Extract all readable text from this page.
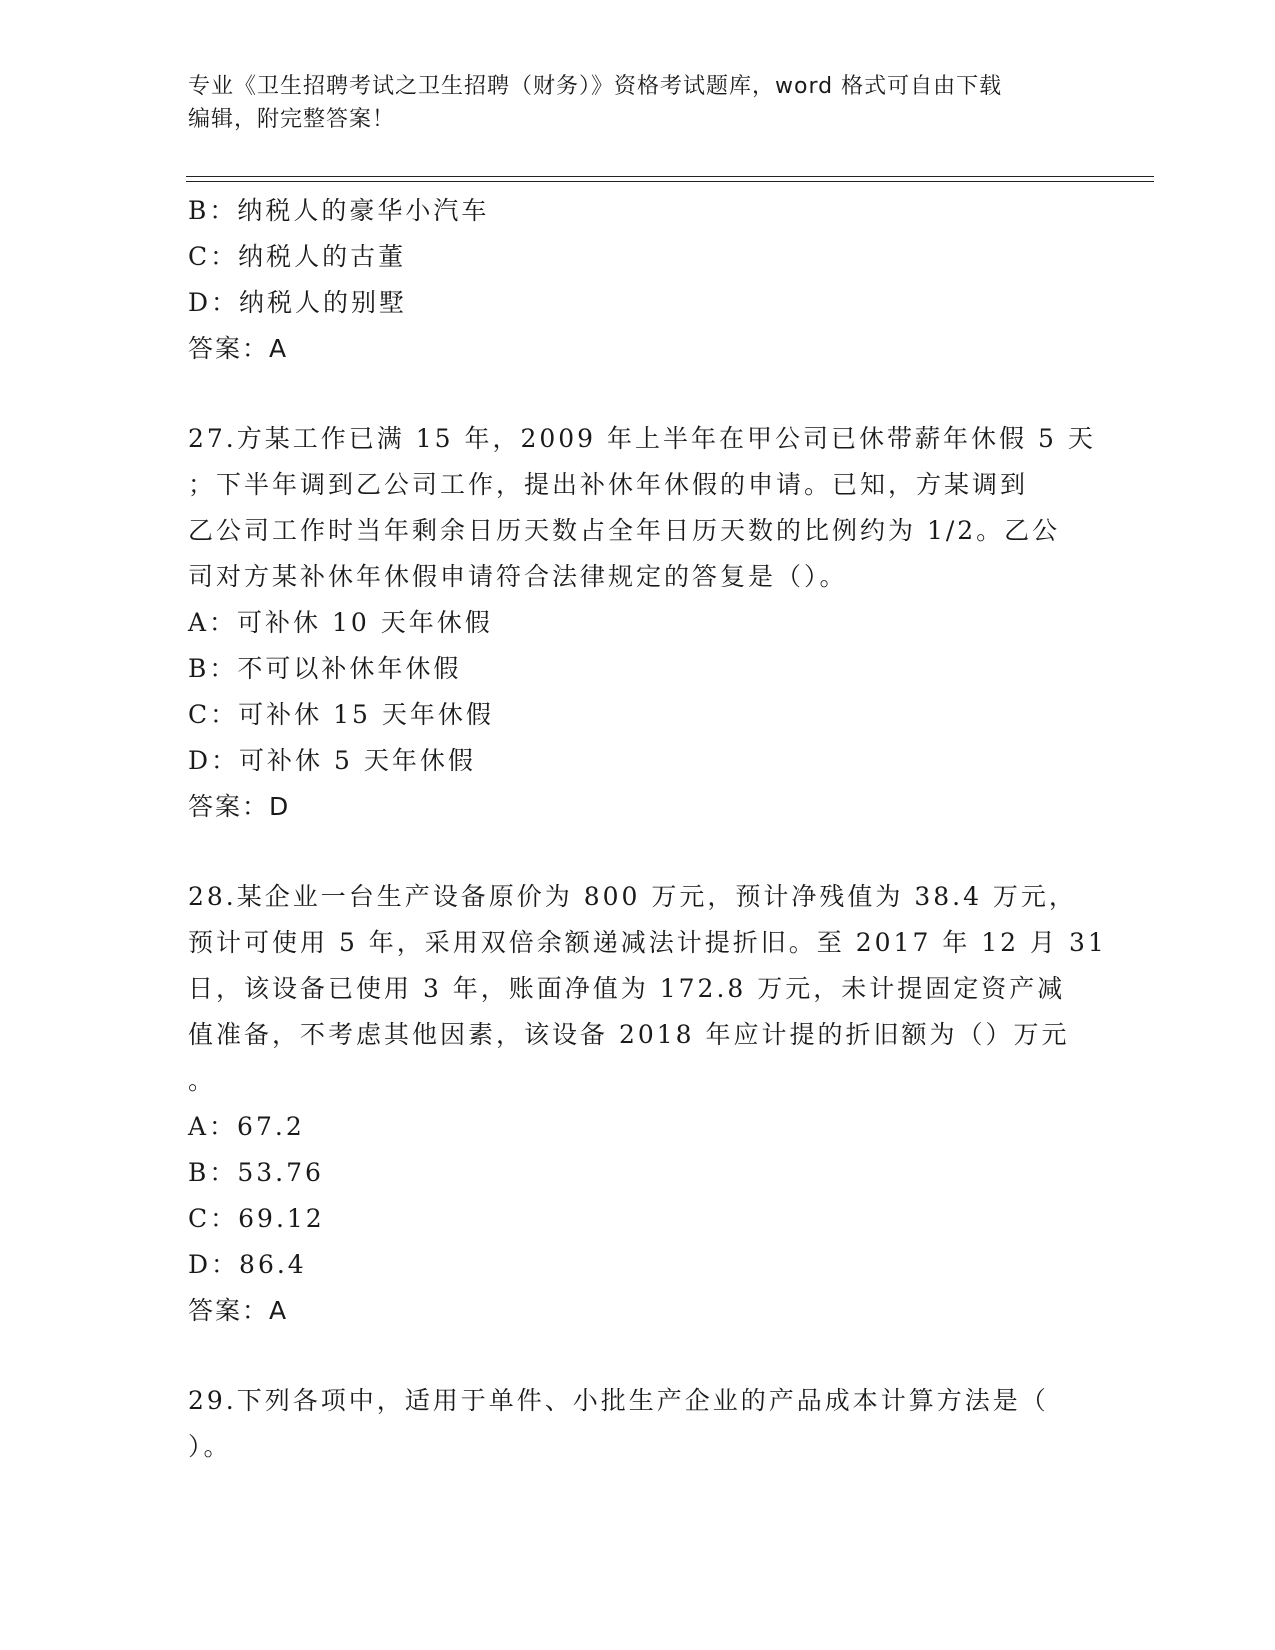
专业《卫生招聘考试之卫生招聘（财务）》资格考试题库，word 格式可自由下载
编辑，附完整答案！
B：纳税人的豪华小汽车
C：纳税人的古董
D：纳税人的别墅
答案：A
27.方某工作已满 15 年，2009 年上半年在甲公司已休带薪年休假 5 天
；下半年调到乙公司工作，提出补休年休假的申请。已知，方某调到
乙公司工作时当年剩余日历天数占全年日历天数的比例约为 1/2。乙公
司对方某补休年休假申请符合法律规定的答复是（）。
A：可补休 10 天年休假
B：不可以补休年休假
C：可补休 15 天年休假
D：可补休 5 天年休假
答案：D
28.某企业一台生产设备原价为 800 万元，预计净残值为 38.4 万元，
预计可使用 5 年，采用双倍余额递减法计提折旧。至 2017 年 12 月 31
日，该设备已使用 3 年，账面净值为 172.8 万元，未计提固定资产减
值准备，不考虑其他因素，该设备 2018 年应计提的折旧额为（）万元
。
A：67.2
B：53.76
C：69.12
D：86.4
答案：A
29.下列各项中，适用于单件、小批生产企业的产品成本计算方法是（
）。
